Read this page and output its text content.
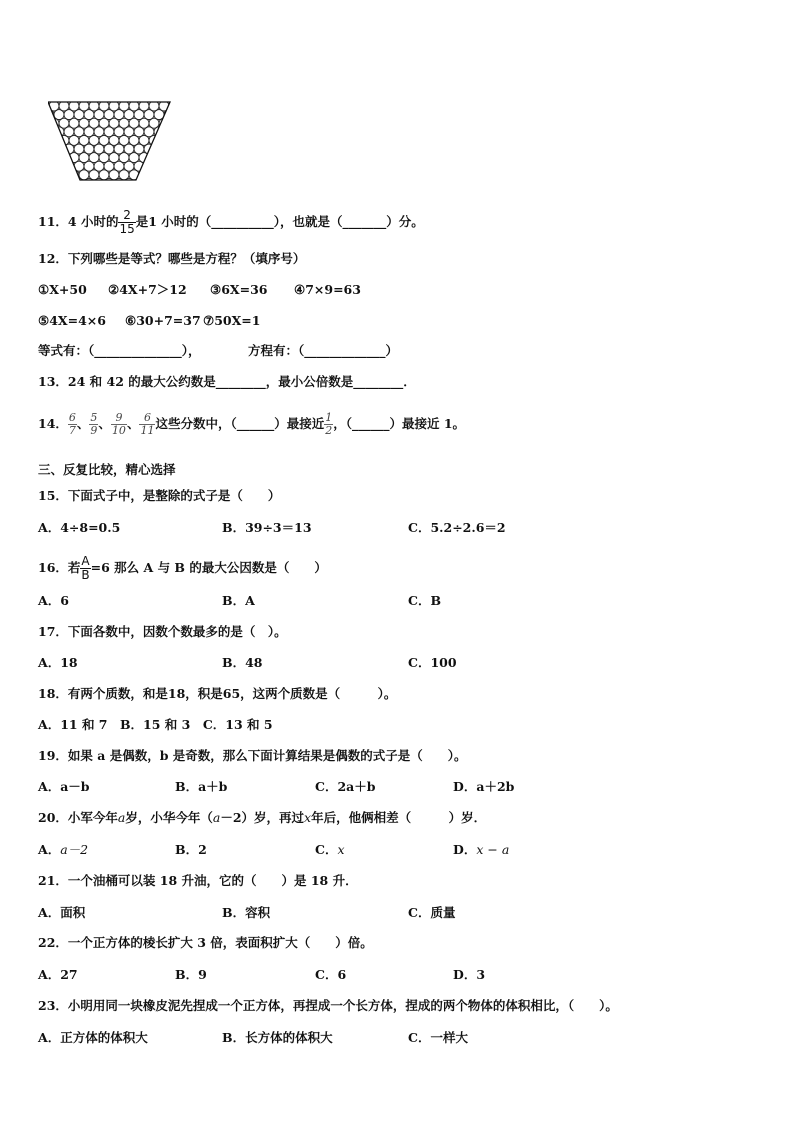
11．4 小时的 $\frac{2}{15}$ 是1 小时的（__________），也就是（_______）分。
12．下列哪些是等式？哪些是方程？（填序号）
①X+50 ②4X+7＞12 ③6X=36 ④7×9=63
⑤4X=4×6 ⑥30+7=37 ⑦50X=1
等式有：（______________），	方程有：（_____________）
13．24 和 42 的最大公约数是________，最小公倍数是________．
14． $\frac{6}{7}$ 、 $\frac{5}{9}$ 、 $\frac{9}{10}$ 、 $\frac{6}{11}$ 这些分数中，（______）最接近 $\frac{1}{2}$ ，（______）最接近 1。
三、反复比较，精心选择
15．下面式子中，是整除的式子是（　　）
A．4÷8=0.5	B．39÷3＝13	C．5.2÷2.6＝2
16．若 $\frac{A}{B} =6$ 那么 A 与 B 的最大公因数是（　　）
A．6	B．A	C．B
17．下面各数中，因数个数最多的是（　）。
A．18	B．48	C．100
18．有两个质数，和是18，积是65，这两个质数是（　　　）。
A．11 和 7　B．15 和 3　C．13 和 5
19．如果 a 是偶数，b 是奇数，那么下面计算结果是偶数的式子是（　　）。
A．a－b	B．a＋b	C．2a＋b	D．a＋2b
20．小军今年a岁，小华今年（a－2）岁，再过x年后，他俩相差（　　　）岁．
A．a－2	B．2	C．x	D．x − a
21．一个油桶可以装 18 升油，它的（　　）是 18 升．
A．面积	B．容积	C．质量
22．一个正方体的棱长扩大 3 倍，表面积扩大（　　）倍。
A．27	B．9	C．6	D．3
23．小明用同一块橡皮泥先捏成一个正方体，再捏成一个长方体，捏成的两个物体的体积相比，（　　）。
A．正方体的体积大	B．长方体的体积大	C．一样大
